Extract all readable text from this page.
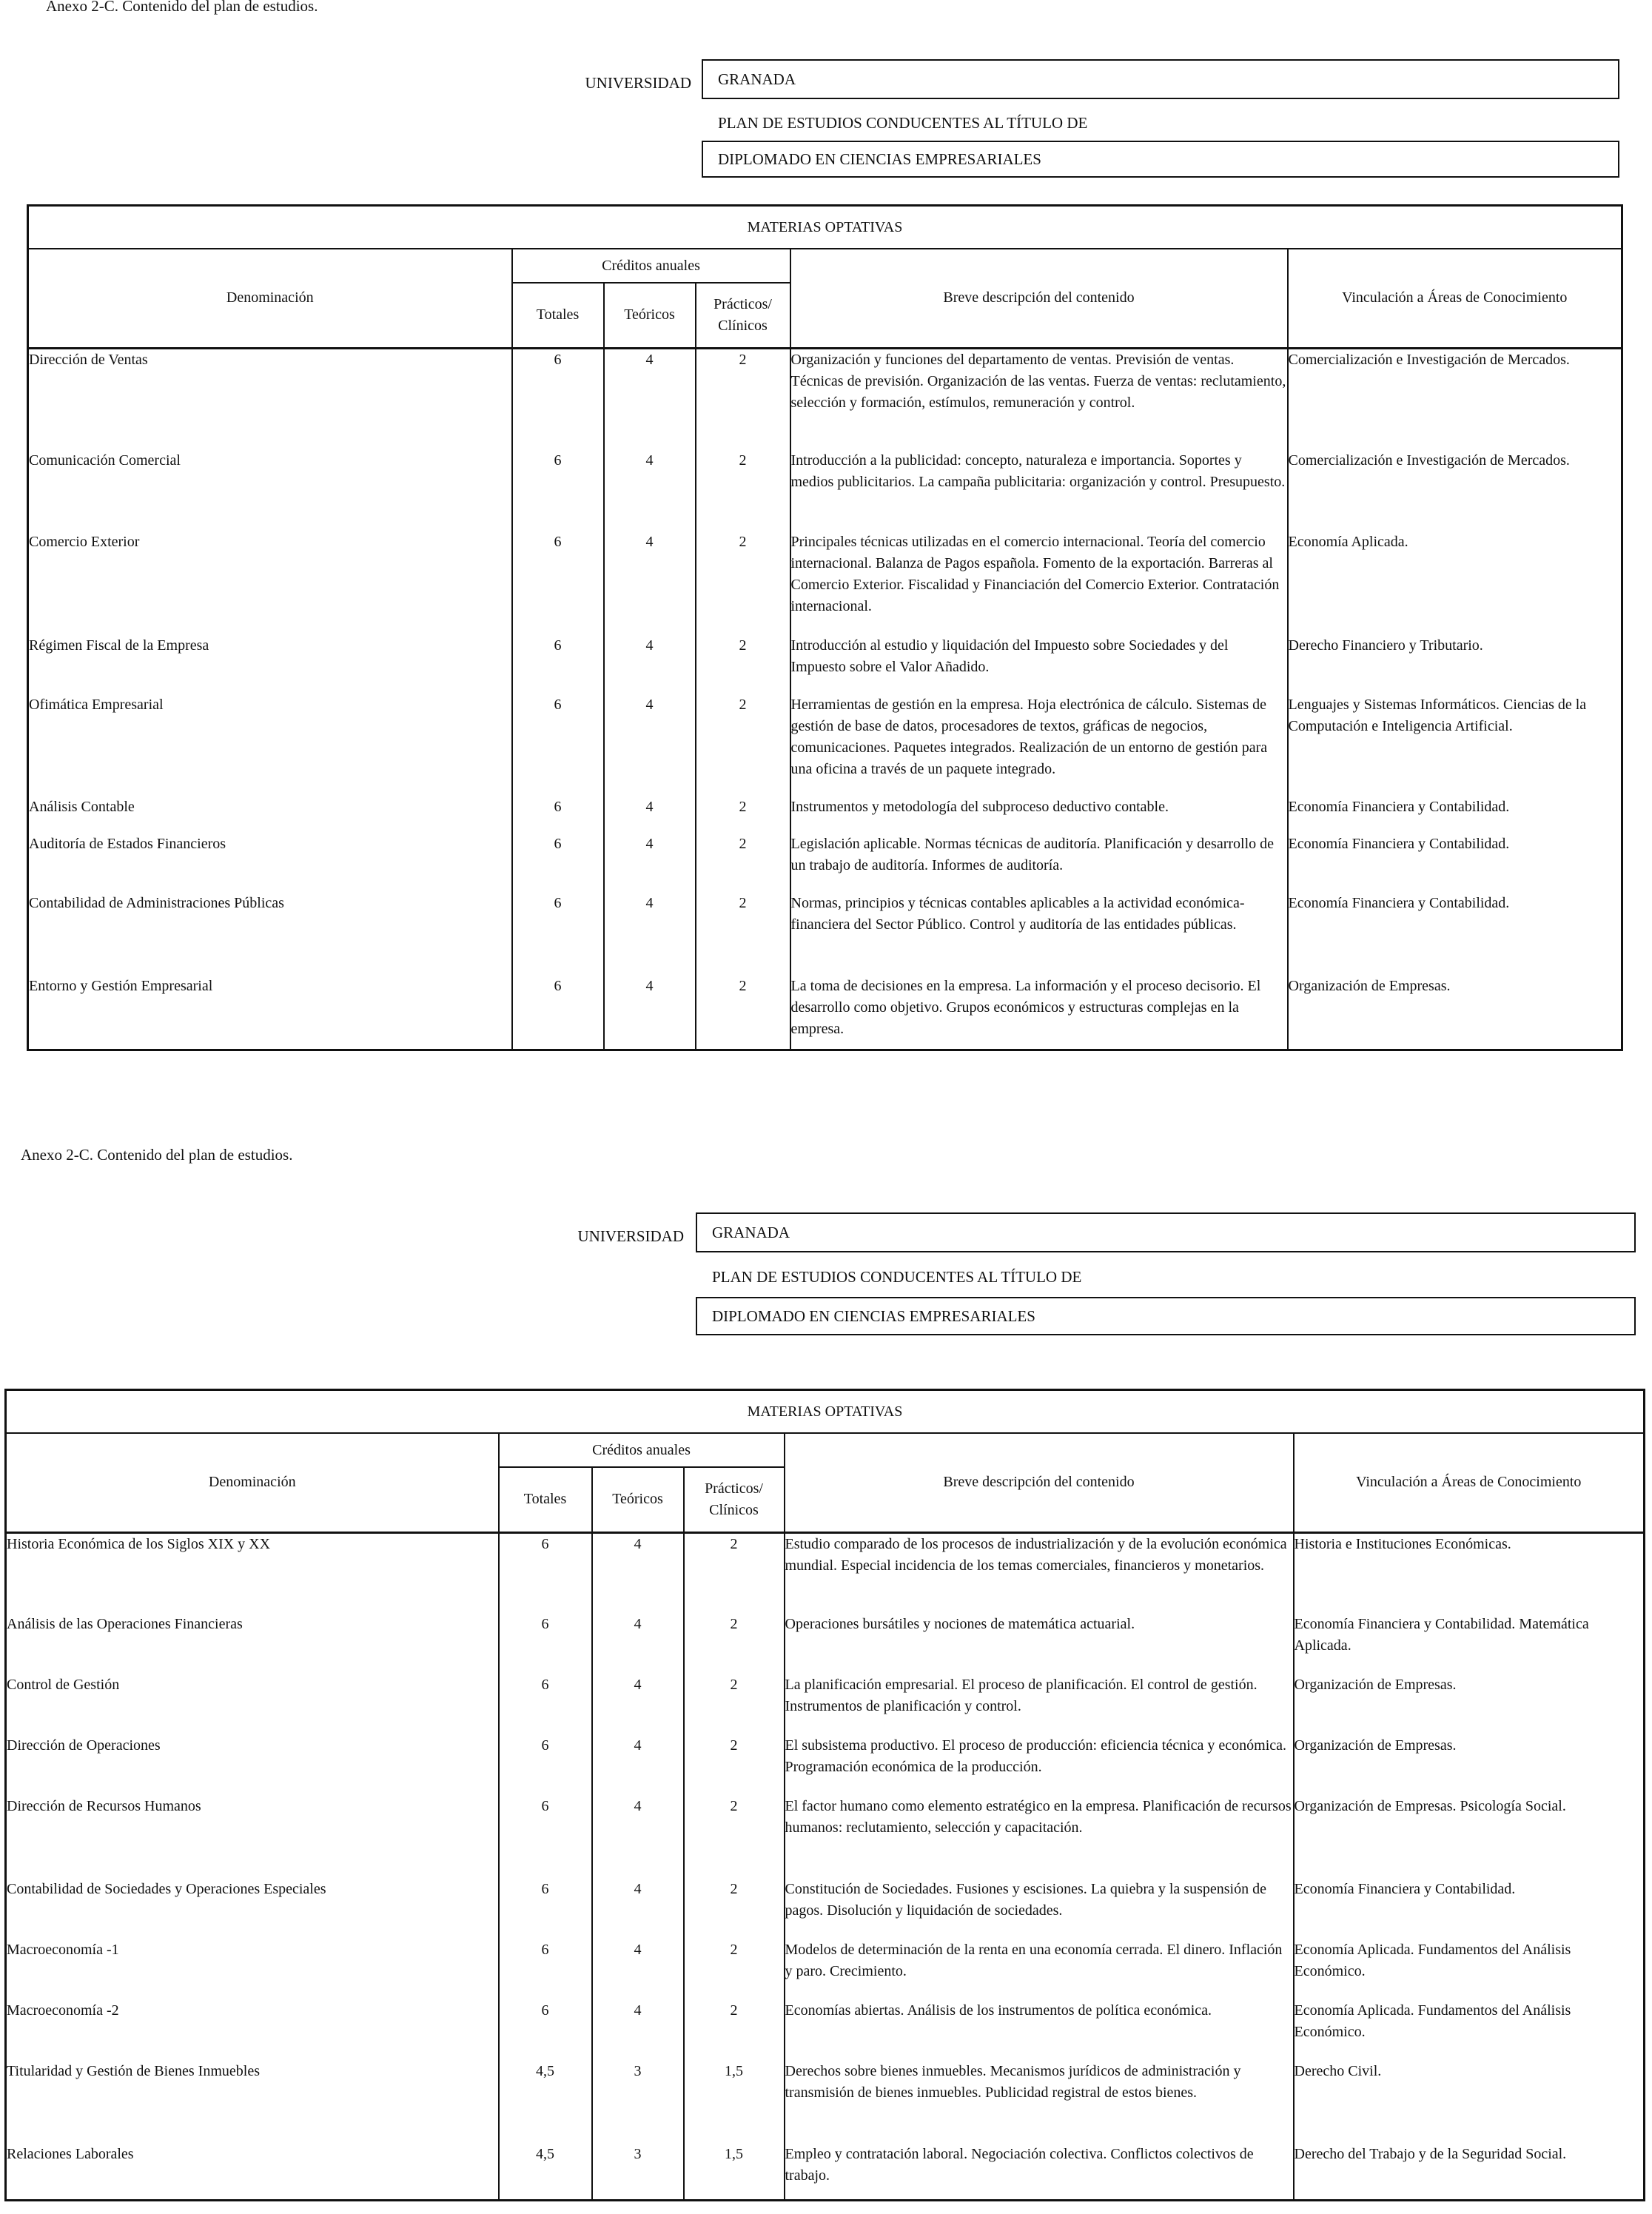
Anexo 2-C. Contenido del plan de estudios.
UNIVERSIDAD GRANADA
PLAN DE ESTUDIOS CONDUCENTES AL TÍTULO DE
DIPLOMADO EN CIENCIAS EMPRESARIALES
MATERIAS OPTATIVAS					
Denominación	Créditos anuales			Breve descripción del contenido	Vinculación a Áreas de Conocimiento
	Totales	Teóricos	Prácticos/ Clínicos		
Dirección de Ventas	6	4	2	Organización y funciones del departamento de ventas. Previsión de ventas. Técnicas de previsión. Organización de las ventas. Fuerza de ventas: reclutamiento, selección y formación, estímulos, remuneración y control.	Comercialización e Investigación de Mercados.
Comunicación Comercial	6	4	2	Introducción a la publicidad: concepto, naturaleza e importancia. Soportes y medios publicitarios. La campaña publicitaria: organización y control. Presupuesto.	Comercialización e Investigación de Mercados.
Comercio Exterior	6	4	2	Principales técnicas utilizadas en el comercio internacional. Teoría del comercio internacional. Balanza de Pagos española. Fomento de la exportación. Barreras al Comercio Exterior. Fiscalidad y Financiación del Comercio Exterior. Contratación internacional.	Economía Aplicada.
Régimen Fiscal de la Empresa	6	4	2	Introducción al estudio y liquidación del Impuesto sobre Sociedades y del Impuesto sobre el Valor Añadido.	Derecho Financiero y Tributario.
Ofimática Empresarial	6	4	2	Herramientas de gestión en la empresa. Hoja electrónica de cálculo. Sistemas de gestión de base de datos, procesadores de textos, gráficas de negocios, comunicaciones. Paquetes integrados. Realización de un entorno de gestión para una oficina a través de un paquete integrado.	Lenguajes y Sistemas Informáticos. Ciencias de la Computación e Inteligencia Artificial.
Análisis Contable	6	4	2	Instrumentos y metodología del subproceso deductivo contable.	Economía Financiera y Contabilidad.
Auditoría de Estados Financieros	6	4	2	Legislación aplicable. Normas técnicas de auditoría. Planificación y desarrollo de un trabajo de auditoría. Informes de auditoría.	Economía Financiera y Contabilidad.
Contabilidad de Administraciones Públicas	6	4	2	Normas, principios y técnicas contables aplicables a la actividad económica-financiera del Sector Público. Control y auditoría de las entidades públicas.	Economía Financiera y Contabilidad.
Entorno y Gestión Empresarial	6	4	2	La toma de decisiones en la empresa. La información y el proceso decisorio. El desarrollo como objetivo. Grupos económicos y estructuras complejas en la empresa.	Organización de Empresas.
Anexo 2-C. Contenido del plan de estudios.
UNIVERSIDAD GRANADA
PLAN DE ESTUDIOS CONDUCENTES AL TÍTULO DE
DIPLOMADO EN CIENCIAS EMPRESARIALES
MATERIAS OPTATIVAS					
Denominación	Créditos anuales			Breve descripción del contenido	Vinculación a Áreas de Conocimiento
	Totales	Teóricos	Prácticos/ Clínicos		
Historia Económica de los Siglos XIX y XX	6	4	2	Estudio comparado de los procesos de industrialización y de la evolución económica mundial. Especial incidencia de los temas comerciales, financieros y monetarios.	Historia e Instituciones Económicas.
Análisis de las Operaciones Financieras	6	4	2	Operaciones bursátiles y nociones de matemática actuarial.	Economía Financiera y Contabilidad. Matemática Aplicada.
Control de Gestión	6	4	2	La planificación empresarial. El proceso de planificación. El control de gestión. Instrumentos de planificación y control.	Organización de Empresas.
Dirección de Operaciones	6	4	2	El subsistema productivo. El proceso de producción: eficiencia técnica y económica. Programación económica de la producción.	Organización de Empresas.
Dirección de Recursos Humanos	6	4	2	El factor humano como elemento estratégico en la empresa. Planificación de recursos humanos: reclutamiento, selección y capacitación.	Organización de Empresas. Psicología Social.
Contabilidad de Sociedades y Operaciones Especiales	6	4	2	Constitución de Sociedades. Fusiones y escisiones. La quiebra y la suspensión de pagos. Disolución y liquidación de sociedades.	Economía Financiera y Contabilidad.
Macroeconomía -1	6	4	2	Modelos de determinación de la renta en una economía cerrada. El dinero. Inflación y paro. Crecimiento.	Economía Aplicada. Fundamentos del Análisis Económico.
Macroeconomía -2	6	4	2	Economías abiertas. Análisis de los instrumentos de política económica.	Economía Aplicada. Fundamentos del Análisis Económico.
Titularidad y Gestión de Bienes Inmuebles	4,5	3	1,5	Derechos sobre bienes inmuebles. Mecanismos jurídicos de administración y transmisión de bienes inmuebles. Publicidad registral de estos bienes.	Derecho Civil.
Relaciones Laborales	4,5	3	1,5	Empleo y contratación laboral. Negociación colectiva. Conflictos colectivos de trabajo.	Derecho del Trabajo y de la Seguridad Social.
